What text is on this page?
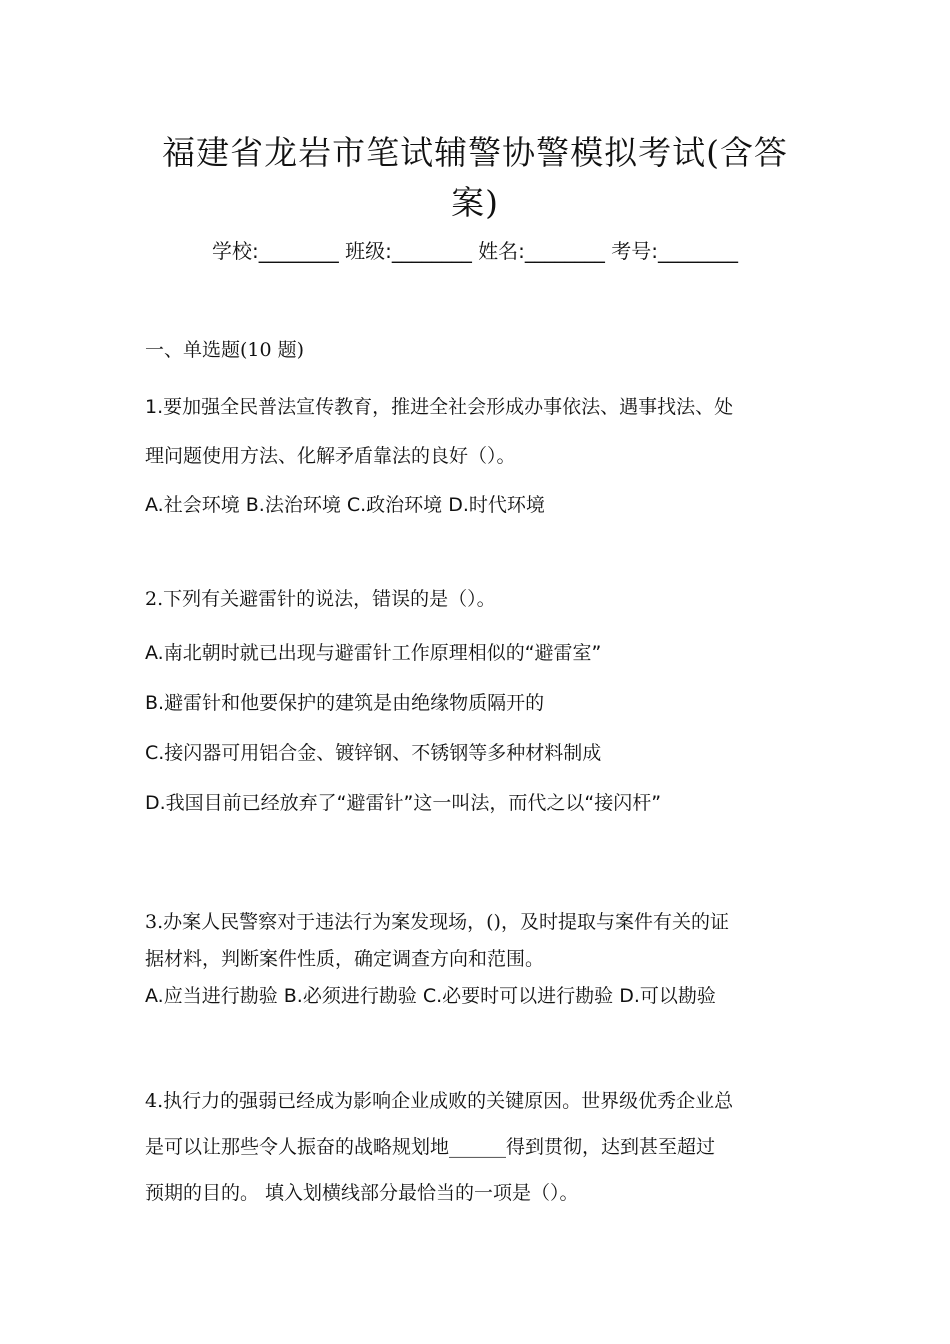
福建省龙岩市笔试辅警协警模拟考试(含答
案)
学校:________ 班级:________ 姓名:________ 考号:________
一、单选题(10 题)
1.要加强全民普法宣传教育，推进全社会形成办事依法、遇事找法、处
理问题使用方法、化解矛盾靠法的良好（）。
A.社会环境 B.法治环境 C.政治环境 D.时代环境
2.下列有关避雷针的说法，错误的是（）。
A.南北朝时就已出现与避雷针工作原理相似的“避雷室”
B.避雷针和他要保护的建筑是由绝缘物质隔开的
C.接闪器可用铝合金、镀锌钢、不锈钢等多种材料制成
D.我国目前已经放弃了“避雷针”这一叫法，而代之以“接闪杆”
3.办案人民警察对于违法行为案发现场，()，及时提取与案件有关的证
据材料，判断案件性质，确定调查方向和范围。
A.应当进行勘验 B.必须进行勘验 C.必要时可以进行勘验 D.可以勘验
4.执行力的强弱已经成为影响企业成败的关键原因。世界级优秀企业总
是可以让那些令人振奋的战略规划地______得到贯彻，达到甚至超过
预期的目的。 填入划横线部分最恰当的一项是（）。
